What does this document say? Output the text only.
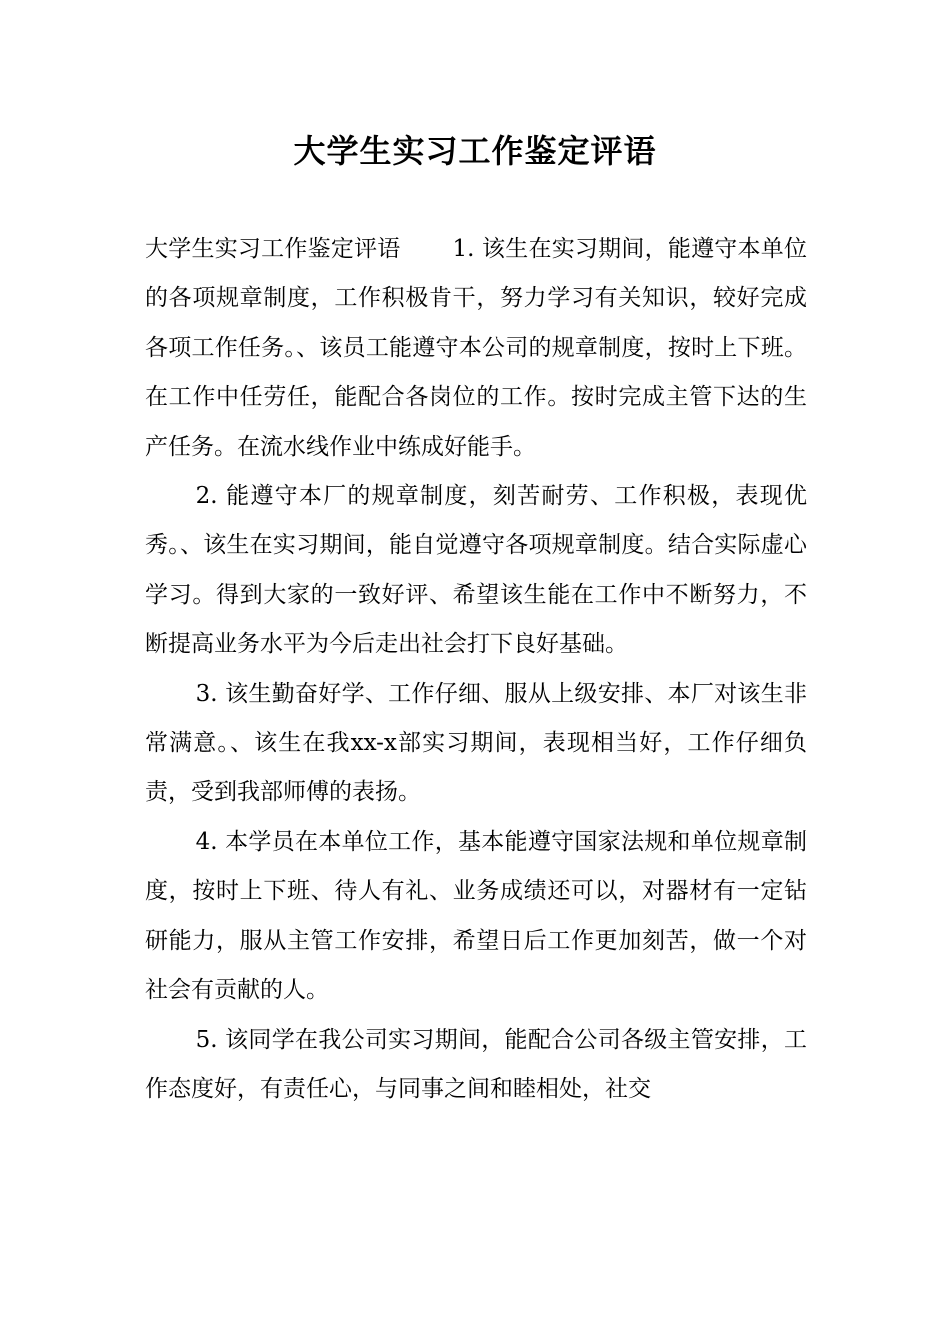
大学生实习工作鉴定评语

大学生实习工作鉴定评语 1. 该生在实习期间，能遵守本单位的各项规章制度，工作积极肯干，努力学习有关知识，较好完成各项工作任务。、该员工能遵守本公司的规章制度，按时上下班。在工作中任劳任，能配合各岗位的工作。按时完成主管下达的生产任务。在流水线作业中练成好能手。

2. 能遵守本厂的规章制度，刻苦耐劳、工作积极，表现优秀。、该生在实习期间，能自觉遵守各项规章制度。结合实际虚心学习。得到大家的一致好评、希望该生能在工作中不断努力，不断提高业务水平为今后走出社会打下良好基础。

3. 该生勤奋好学、工作仔细、服从上级安排、本厂对该生非常满意。、该生在我xx-x部实习期间，表现相当好，工作仔细负责，受到我部师傅的表扬。

4. 本学员在本单位工作，基本能遵守国家法规和单位规章制度，按时上下班、待人有礼、业务成绩还可以，对器材有一定钻研能力，服从主管工作安排，希望日后工作更加刻苦，做一个对社会有贡献的人。

5. 该同学在我公司实习期间，能配合公司各级主管安排，工作态度好，有责任心，与同事之间和睦相处，社交
